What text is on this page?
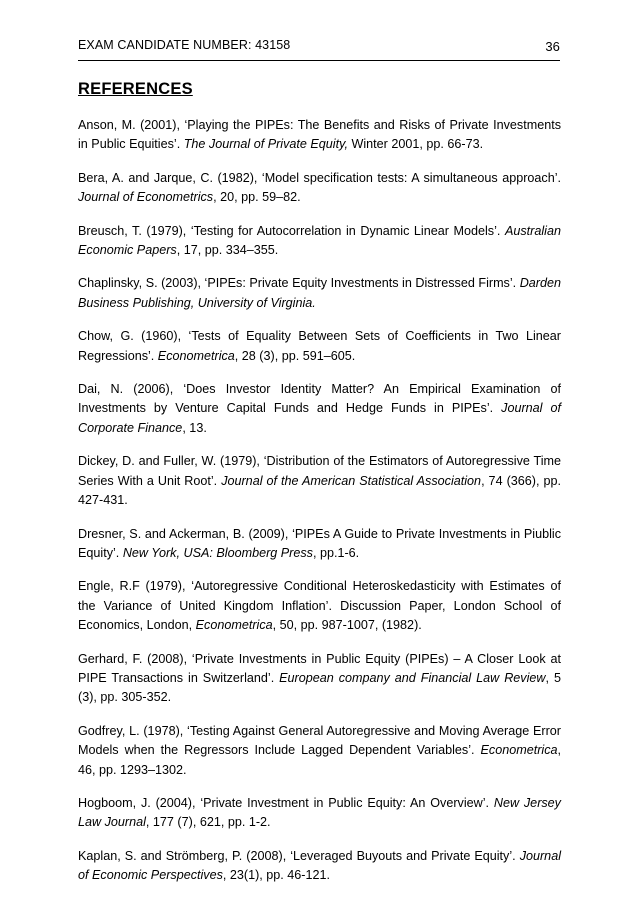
EXAM CANDIDATE NUMBER: 43158	36
REFERENCES

Anson, M. (2001), ‘Playing the PIPEs: The Benefits and Risks of Private Investments in Public Equities’. The Journal of Private Equity, Winter 2001, pp. 66-73.

Bera, A. and Jarque, C. (1982), ‘Model specification tests: A simultaneous approach’. Journal of Econometrics, 20, pp. 59–82.

Breusch, T. (1979), ‘Testing for Autocorrelation in Dynamic Linear Models’. Australian Economic Papers, 17, pp. 334–355.

Chaplinsky, S. (2003), ‘PIPEs: Private Equity Investments in Distressed Firms’. Darden Business Publishing, University of Virginia.

Chow, G. (1960), ‘Tests of Equality Between Sets of Coefficients in Two Linear Regressions’. Econometrica, 28 (3), pp. 591–605.

Dai, N. (2006), ‘Does Investor Identity Matter? An Empirical Examination of Investments by Venture Capital Funds and Hedge Funds in PIPEs’. Journal of Corporate Finance, 13.

Dickey, D. and Fuller, W. (1979), ‘Distribution of the Estimators of Autoregressive Time Series With a Unit Root’. Journal of the American Statistical Association, 74 (366), pp. 427-431.

Dresner, S. and Ackerman, B. (2009), ‘PIPEs A Guide to Private Investments in Piublic Equity’. New York, USA: Bloomberg Press, pp.1-6.

Engle, R.F (1979), ‘Autoregressive Conditional Heteroskedasticity with Estimates of the Variance of United Kingdom Inflation’. Discussion Paper, London School of Economics, London, Econometrica, 50, pp. 987-1007, (1982).

Gerhard, F. (2008), ‘Private Investments in Public Equity (PIPEs) – A Closer Look at PIPE Transactions in Switzerland’. European company and Financial Law Review, 5 (3), pp. 305-352.

Godfrey, L. (1978), ‘Testing Against General Autoregressive and Moving Average Error Models when the Regressors Include Lagged Dependent Variables’. Econometrica, 46, pp. 1293–1302.

Hogboom, J. (2004), ‘Private Investment in Public Equity: An Overview’. New Jersey Law Journal, 177 (7), 621, pp. 1-2.

Kaplan, S. and Strömberg, P. (2008), ‘Leveraged Buyouts and Private Equity’. Journal of Economic Perspectives, 23(1), pp. 46-121.
